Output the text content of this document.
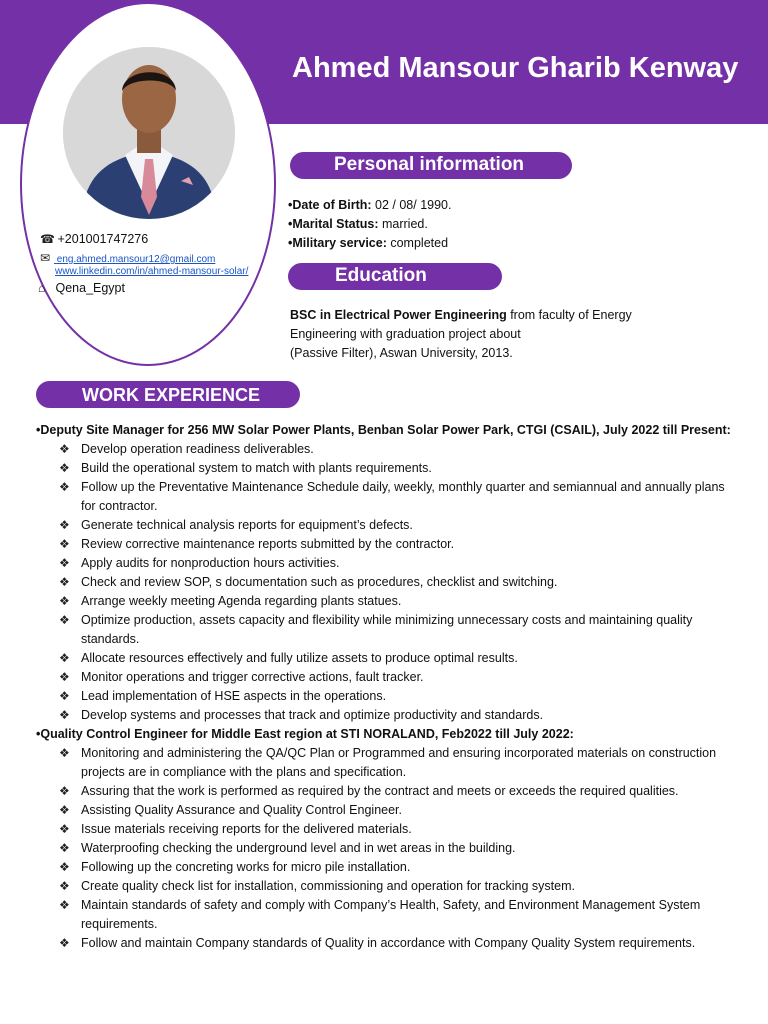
Ahmed Mansour Gharib Kenway
☎ +201001747276
✉ eng.ahmed.mansour12@gmail.com
www.linkedin.com/in/ahmed-mansour-solar/
⌂ Qena_Egypt
Personal information
•Date of Birth: 02 / 08/ 1990.
•Marital Status: married.
•Military service: completed
Education
BSC in Electrical Power Engineering from faculty of Energy
Engineering with graduation project about
(Passive Filter), Aswan University, 2013.
WORK EXPERIENCE
•Deputy Site Manager for 256 MW Solar Power Plants, Benban Solar Power Park, CTGI (CSAIL), July 2022 till Present:
❖ Develop operation readiness deliverables.
❖ Build the operational system to match with plants requirements.
❖ Follow up the Preventative Maintenance Schedule daily, weekly, monthly quarter and semiannual and annually plans for contractor.
❖ Generate technical analysis reports for equipment’s defects.
❖ Review corrective maintenance reports submitted by the contractor.
❖ Apply audits for nonproduction hours activities.
❖ Check and review SOP, s documentation such as procedures, checklist and switching.
❖ Arrange weekly meeting Agenda regarding plants statues.
❖ Optimize production, assets capacity and flexibility while minimizing unnecessary costs and maintaining quality standards.
❖ Allocate resources effectively and fully utilize assets to produce optimal results.
❖ Monitor operations and trigger corrective actions, fault tracker.
❖ Lead implementation of HSE aspects in the operations.
❖ Develop systems and processes that track and optimize productivity and standards.
•Quality Control Engineer for Middle East region at STI NORALAND, Feb2022 till July 2022:
❖ Monitoring and administering the QA/QC Plan or Programmed and ensuring incorporated materials on construction projects are in compliance with the plans and specification.
❖ Assuring that the work is performed as required by the contract and meets or exceeds the required qualities.
❖ Assisting Quality Assurance and Quality Control Engineer.
❖ Issue materials receiving reports for the delivered materials.
❖ Waterproofing checking the underground level and in wet areas in the building.
❖ Following up the concreting works for micro pile installation.
❖ Create quality check list for installation, commissioning and operation for tracking system.
❖ Maintain standards of safety and comply with Company’s Health, Safety, and Environment Management System requirements.
❖ Follow and maintain Company standards of Quality in accordance with Company Quality System requirements.
